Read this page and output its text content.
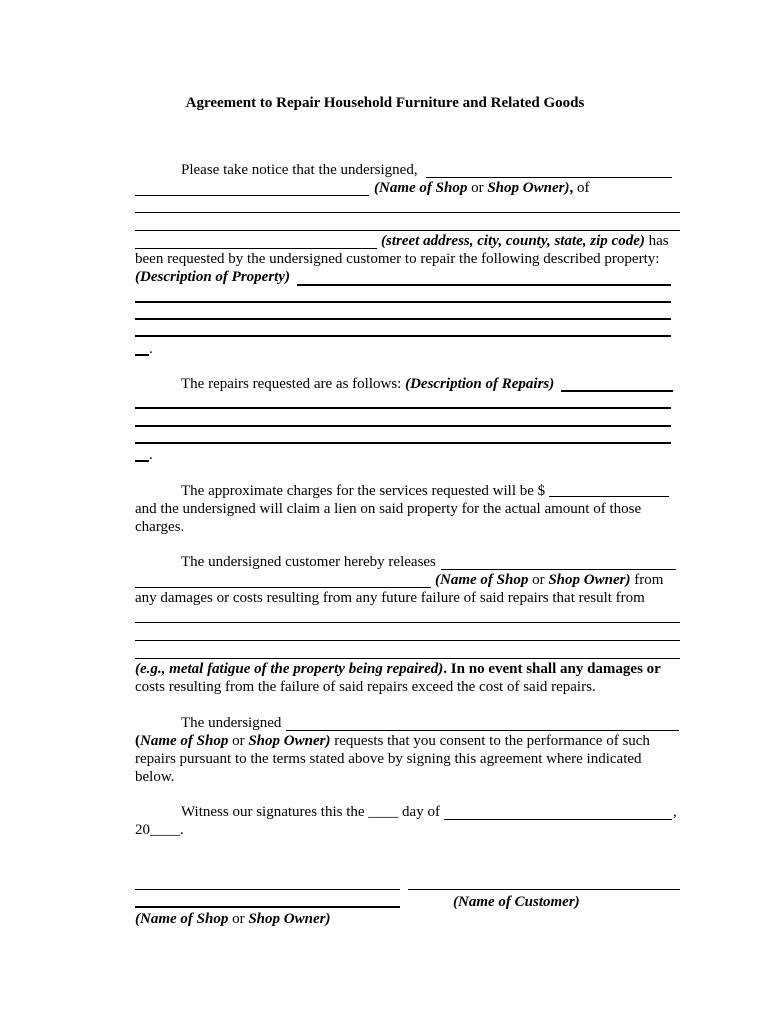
Agreement to Repair Household Furniture and Related Goods
Please take notice that the undersigned,
(Name of Shop or Shop Owner), of
(street address, city, county, state, zip code) has
been requested by the undersigned customer to repair the following described property:
(Description of Property)
.
The repairs requested are as follows: (Description of Repairs)
.
The approximate charges for the services requested will be $
and the undersigned will claim a lien on said property for the actual amount of those
charges.
The undersigned customer hereby releases
(Name of Shop or Shop Owner) from
any damages or costs resulting from any future failure of said repairs that result from
(e.g., metal fatigue of the property being repaired). In no event shall any damages or
costs resulting from the failure of said repairs exceed the cost of said repairs.
The undersigned
(Name of Shop or Shop Owner) requests that you consent to the performance of such
repairs pursuant to the terms stated above by signing this agreement where indicated
below.
Witness our signatures this the ____ day of	,
20____.
(Name of Customer)
(Name of Shop or Shop Owner)
